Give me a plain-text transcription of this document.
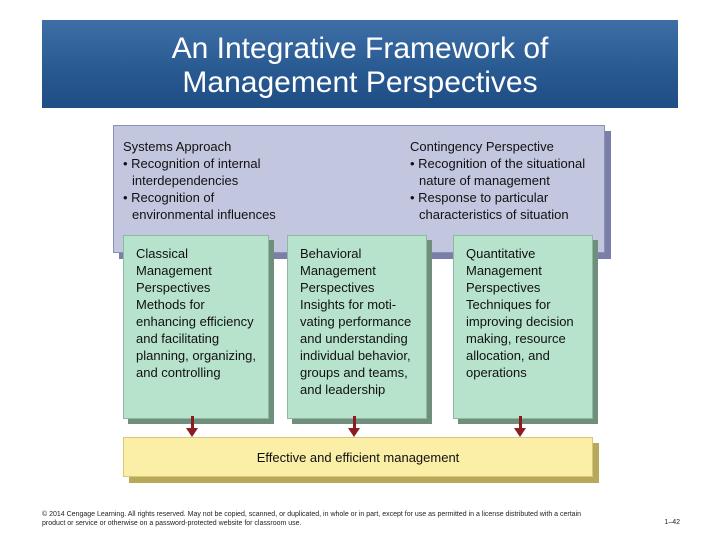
An Integrative Framework of
Management Perspectives
Systems Approach
• Recognition of internal interdependencies
• Recognition of environmental influences
Contingency Perspective
• Recognition of the situational nature of management
• Response to particular characteristics of situation
Classical Management Perspectives
Methods for enhancing efficiency and facilitating planning, organizing, and controlling
Behavioral Management Perspectives
Insights for moti-vating performance and understanding individual behavior, groups and teams, and leadership
Quantitative Management Perspectives
Techniques for improving decision making, resource allocation, and operations
Effective and efficient management
© 2014 Cengage Learning. All rights reserved. May not be copied, scanned, or duplicated, in whole or in part, except for use as permitted in a license distributed with a certain product or service or otherwise on a password-protected website for classroom use.	1–42
